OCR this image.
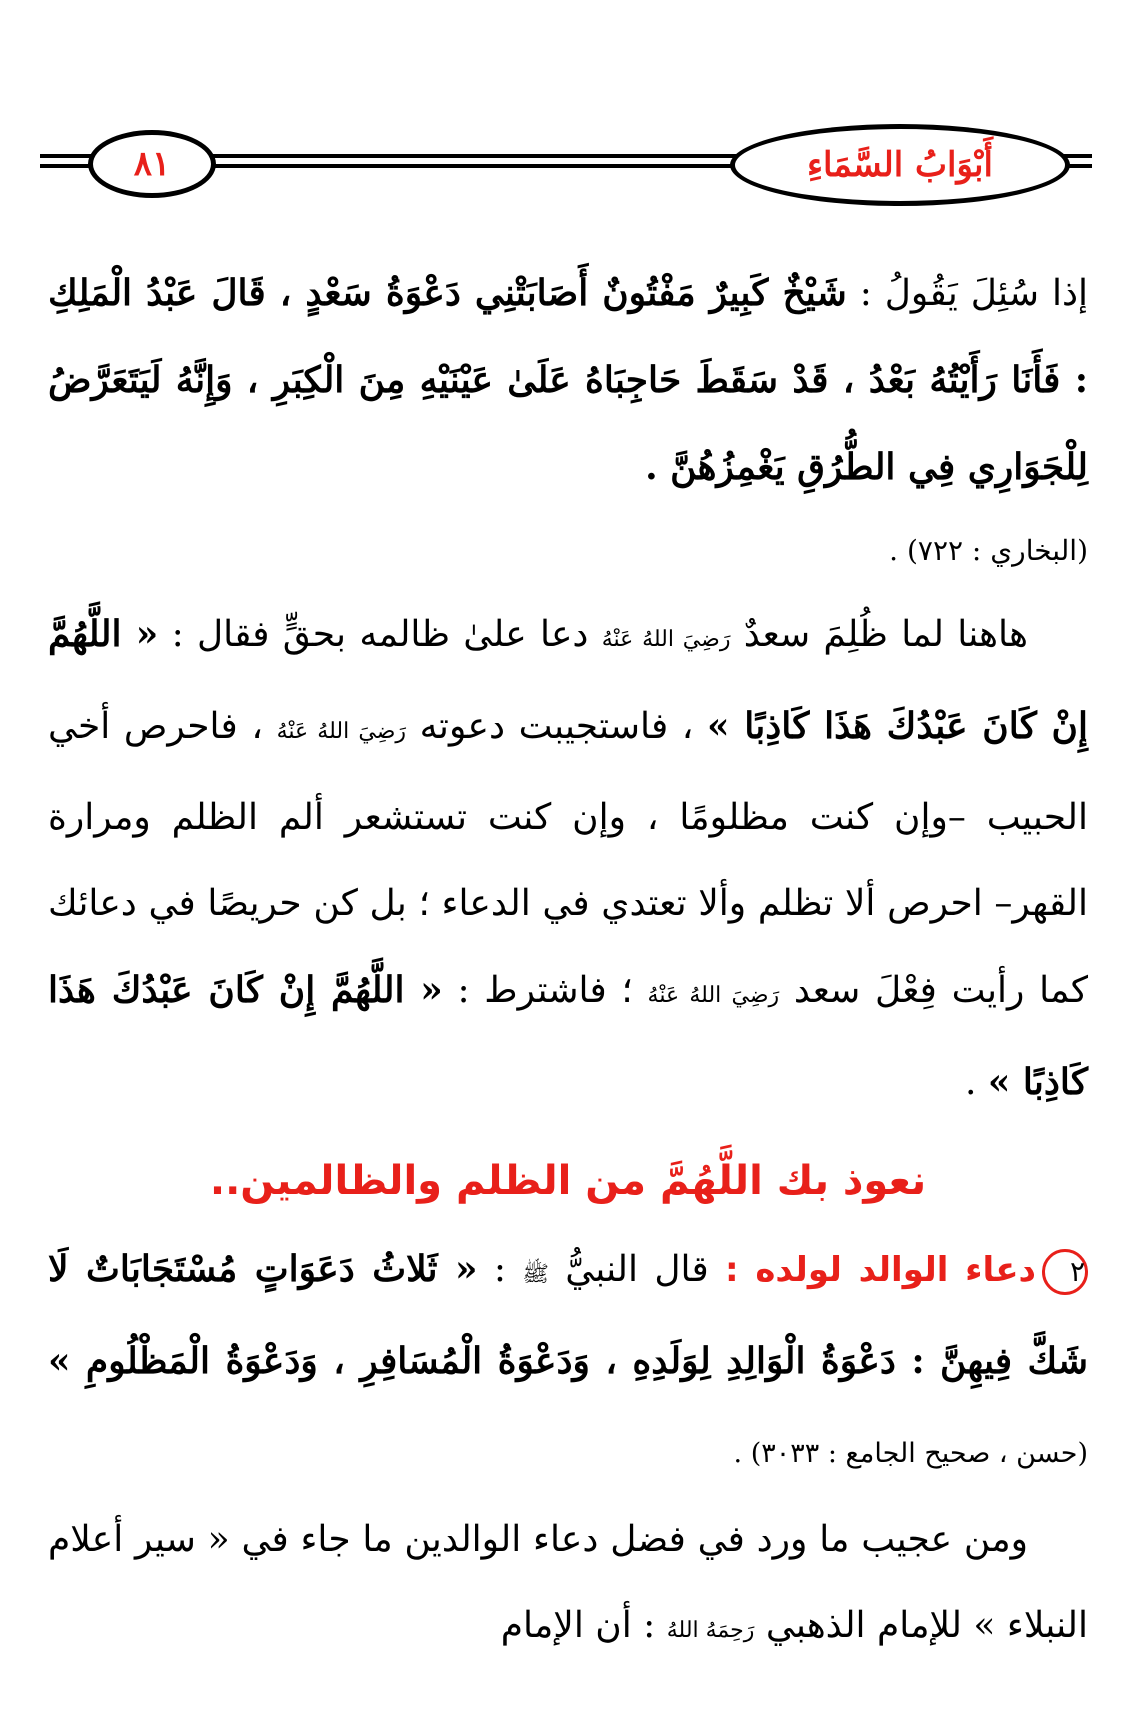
٨١	أَبْوَابُ السَّمَاءِ

إذا سُئِلَ يَقُولُ : شَيْخٌ كَبِيرٌ مَفْتُونٌ أَصَابَتْنِي دَعْوَةُ سَعْدٍ ، قَالَ عَبْدُ الْمَلِكِ : فَأَنَا رَأَيْتُهُ بَعْدُ ، قَدْ سَقَطَ حَاجِبَاهُ عَلَىٰ عَيْنَيْهِ مِنَ الْكِبَرِ ، وَإِنَّهُ لَيَتَعَرَّضُ لِلْجَوَارِي فِي الطُّرُقِ يَغْمِزُهُنَّ .

(البخاري : ٧٢٢) .

هاهنا لما ظُلِمَ سعدٌ رَضِيَ اللهُ عَنْهُ دعا علىٰ ظالمه بحقٍّ فقال : « اللَّهُمَّ إِنْ كَانَ عَبْدُكَ هَذَا كَاذِبًا » ، فاستجيبت دعوته رَضِيَ اللهُ عَنْهُ ، فاحرص أخي الحبيب –وإن كنت مظلومًا ، وإن كنت تستشعر ألم الظلم ومرارة القهر– احرص ألا تظلم وألا تعتدي في الدعاء ؛ بل كن حريصًا في دعائك كما رأيت فِعْلَ سعد رَضِيَ اللهُ عَنْهُ ؛ فاشترط : « اللَّهُمَّ إِنْ كَانَ عَبْدُكَ هَذَا كَاذِبًا » .

نعوذ بك اللَّهُمَّ من الظلم والظالمين..

٢دعاء الوالد لولده : قال النبيُّ ﷺ : « ثَلاثُ دَعَوَاتٍ مُسْتَجَابَاتٌ لَا شَكَّ فِيهِنَّ : دَعْوَةُ الْوَالِدِ لِوَلَدِهِ ، وَدَعْوَةُ الْمُسَافِرِ ، وَدَعْوَةُ الْمَظْلُومِ » (حسن ، صحيح الجامع : ٣٠٣٣) .

ومن عجيب ما ورد في فضل دعاء الوالدين ما جاء في « سير أعلام النبلاء » للإمام الذهبي رَحِمَهُ اللهُ : أن الإمام
